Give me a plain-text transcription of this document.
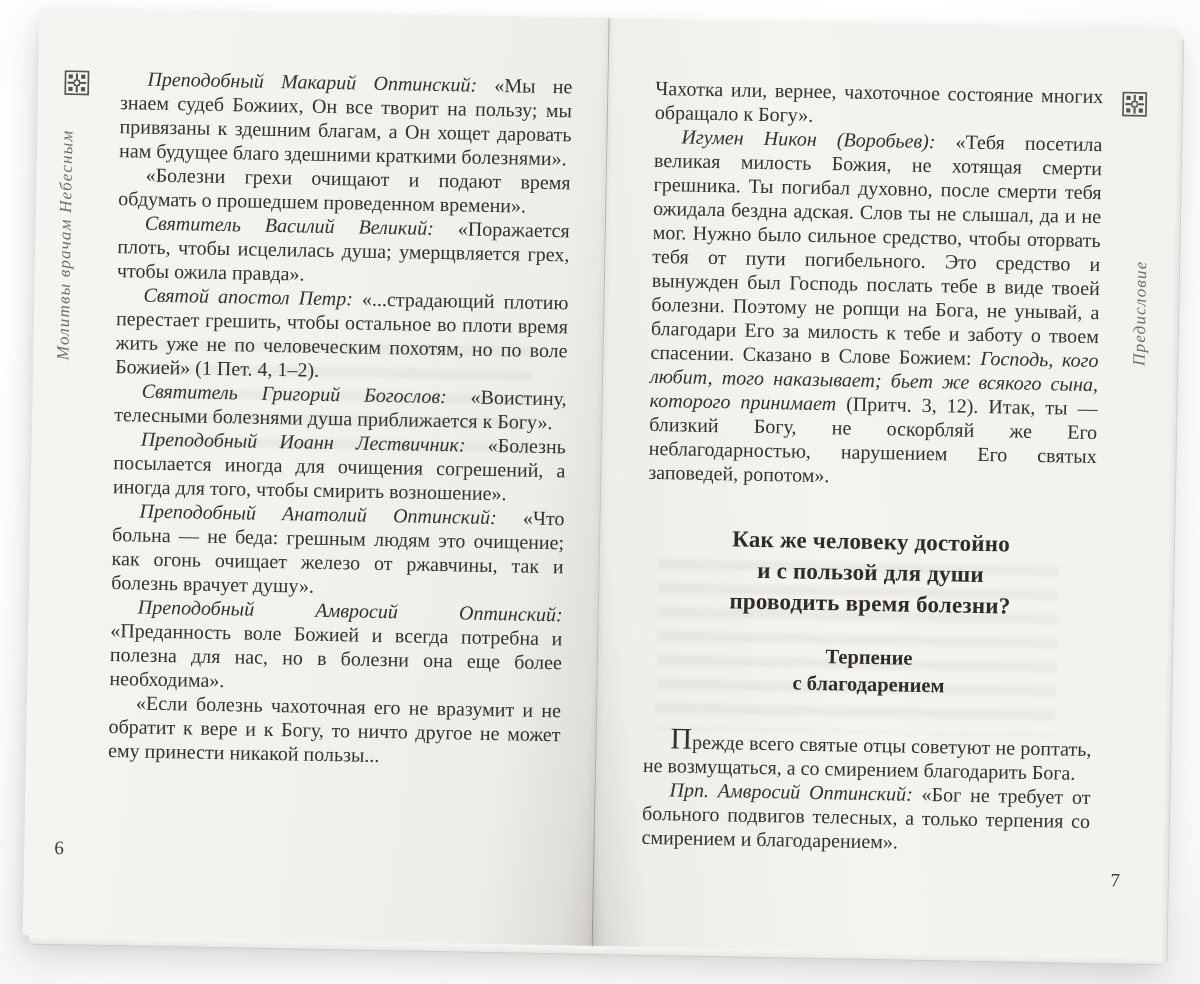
Молитвы врачам Небесным

Преподобный Макарий Оптинский: «Мы не знаем судеб Божиих, Он все творит на пользу; мы привязаны к здешним благам, а Он хощет даровать нам будущее благо здешними краткими болезнями».

«Болезни грехи очищают и подают время обдумать о прошедшем проведенном времени».

Святитель Василий Великий: «Поражается плоть, чтобы исцелилась душа; умерщвляется грех, чтобы ожила правда».

Святой апостол Петр: «...страдающий плотию перестает грешить, чтобы остальное во плоти время жить уже не по человеческим похотям, но по воле Божией» (1 Пет. 4, 1–2).

Святитель Григорий Богослов: «Воистину, телесными болезнями душа приближается к Богу».

Преподобный Иоанн Лествичник: «Болезнь посылается иногда для очищения согрешений, а иногда для того, чтобы смирить возношение».

Преподобный Анатолий Оптинский: «Что больна — не беда: грешным людям это очищение; как огонь очищает железо от ржавчины, так и болезнь врачует душу».

Преподобный Амвросий Оптинский: «Преданность воле Божией и всегда потребна и полезна для нас, но в болезни она еще более необходима».

«Если болезнь чахоточная его не вразумит и не обратит к вере и к Богу, то ничто другое не может ему принести никакой пользы...

6
Предисловие

Чахотка или, вернее, чахоточное состояние многих обращало к Богу».

Игумен Никон (Воробьев): «Тебя посетила великая милость Божия, не хотящая смерти грешника. Ты погибал духовно, после смерти тебя ожидала бездна адская. Слов ты не слышал, да и не мог. Нужно было сильное средство, чтобы оторвать тебя от пути погибельного. Это средство и вынужден был Господь послать тебе в виде твоей болезни. Поэтому не ропщи на Бога, не унывай, а благодари Его за милость к тебе и заботу о твоем спасении. Сказано в Слове Божием: Господь, кого любит, того наказывает; бьет же всякого сына, которого принимает (Притч. 3, 12). Итак, ты — близкий Богу, не оскорбляй же Его неблагодарностью, нарушением Его святых заповедей, ропотом».

Как же человеку достойно
и с пользой для души
проводить время болезни?
Терпение
с благодарением

Прежде всего святые отцы советуют не роптать, не возмущаться, а со смирением благодарить Бога.

Прп. Амвросий Оптинский: «Бог не требует от больного подвигов телесных, а только терпения со смирением и благодарением».

7
